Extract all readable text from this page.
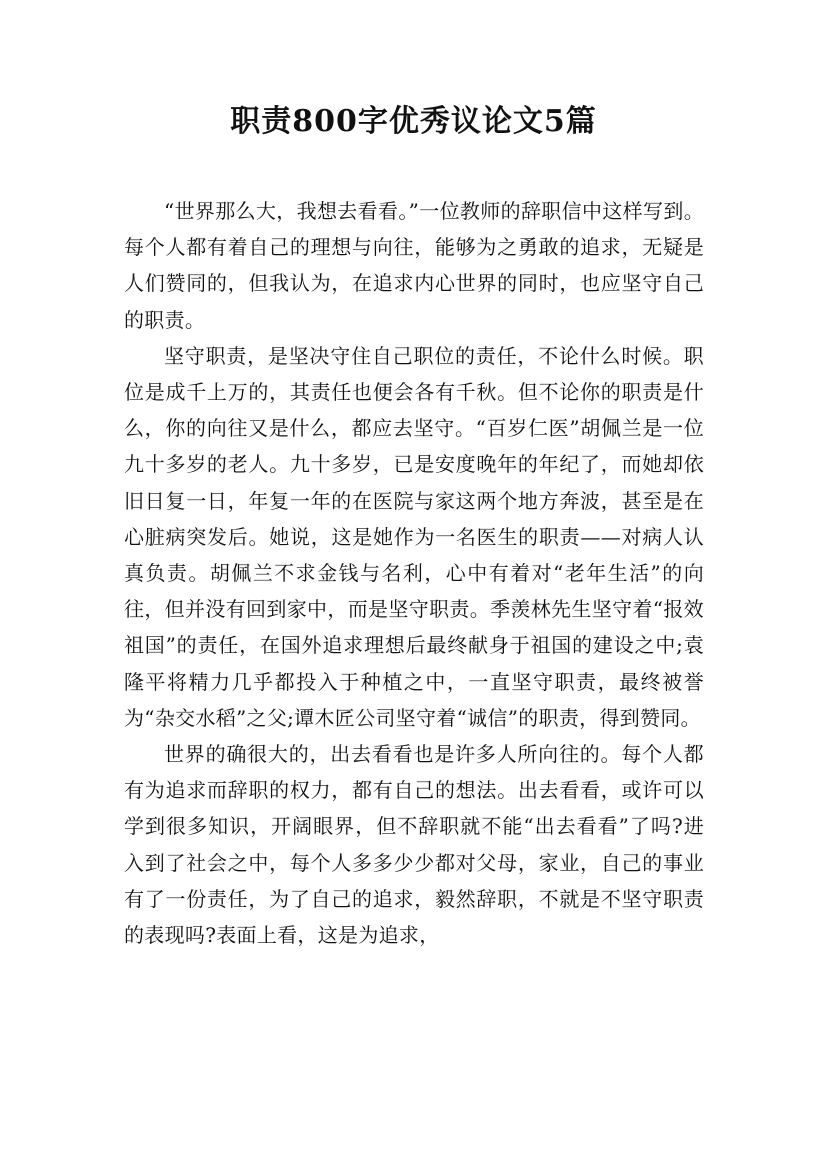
职责800字优秀议论文5篇

“世界那么大，我想去看看。”一位教师的辞职信中这样写到。每个人都有着自己的理想与向往，能够为之勇敢的追求，无疑是人们赞同的，但我认为，在追求内心世界的同时，也应坚守自己的职责。

坚守职责，是坚决守住自己职位的责任，不论什么时候。职位是成千上万的，其责任也便会各有千秋。但不论你的职责是什么，你的向往又是什么，都应去坚守。“百岁仁医”胡佩兰是一位九十多岁的老人。九十多岁，已是安度晚年的年纪了，而她却依旧日复一日，年复一年的在医院与家这两个地方奔波，甚至是在心脏病突发后。她说，这是她作为一名医生的职责——对病人认真负责。胡佩兰不求金钱与名利，心中有着对“老年生活”的向往，但并没有回到家中，而是坚守职责。季羡林先生坚守着“报效祖国”的责任，在国外追求理想后最终献身于祖国的建设之中;袁隆平将精力几乎都投入于种植之中，一直坚守职责，最终被誉为“杂交水稻”之父;谭木匠公司坚守着“诚信”的职责，得到赞同。

世界的确很大的，出去看看也是许多人所向往的。每个人都有为追求而辞职的权力，都有自己的想法。出去看看，或许可以学到很多知识，开阔眼界，但不辞职就不能“出去看看”了吗?进入到了社会之中，每个人多多少少都对父母，家业，自己的事业有了一份责任，为了自己的追求，毅然辞职，不就是不坚守职责的表现吗?表面上看，这是为追求，
